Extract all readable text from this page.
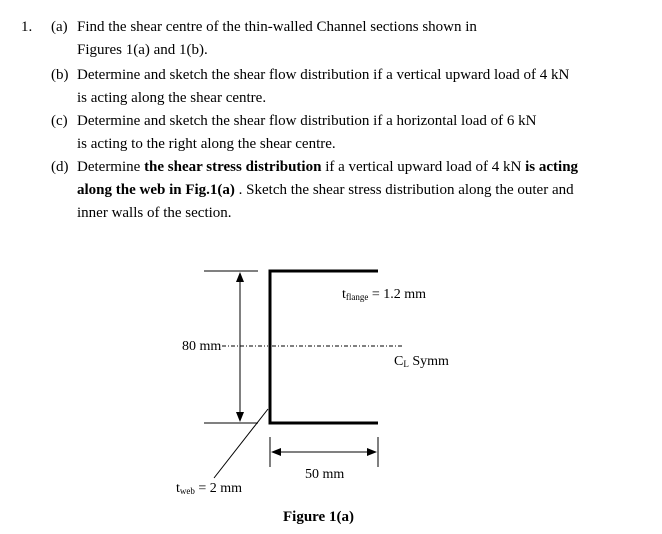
1. (a) Find the shear centre of the thin-walled Channel sections shown in
Figures 1(a) and 1(b).
(b) Determine and sketch the shear flow distribution if a vertical upward load of 4 kN
is acting along the shear centre.
(c) Determine and sketch the shear flow distribution if a horizontal load of 6 kN
is acting to the right along the shear centre.
(d) Determine the shear stress distribution if a vertical upward load of 4 kN is acting
along the web in Fig.1(a) . Sketch the shear stress distribution along the outer and
inner walls of the section.
$t_{flange} = 1.2$ mm
80 mm
$C_L$ Symm
$t_{web} = 2$ mm
50 mm
Figure 1(a)
